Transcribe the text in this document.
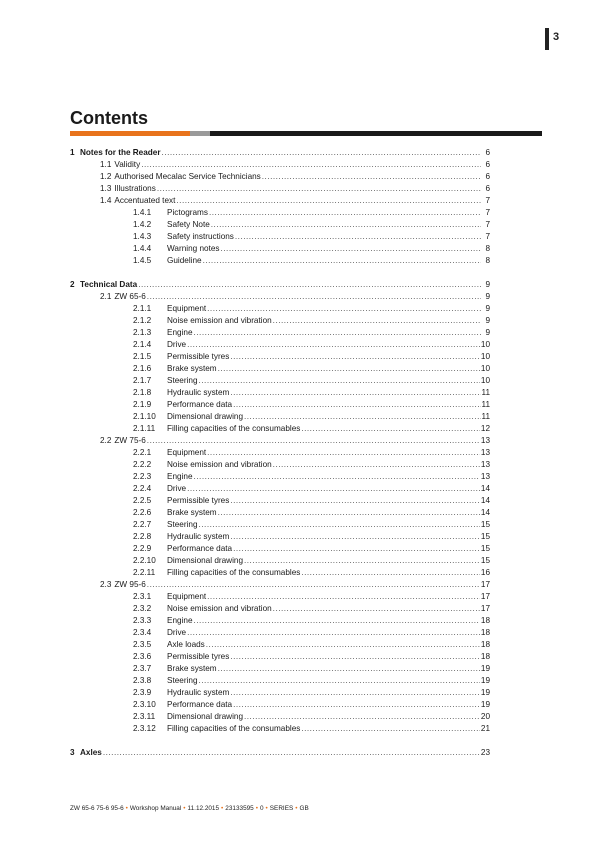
3
Contents
1 Notes for the Reader .....	6
1.1 Validity .....	6
1.2 Authorised Mecalac Service Technicians .....	6
1.3 Illustrations .....	6
1.4 Accentuated text .....	7
1.4.1	Pictograms .....	7
1.4.2	Safety Note .....	7
1.4.3	Safety instructions .....	7
1.4.4	Warning notes .....	8
1.4.5	Guideline .....	8
2 Technical Data .....	9
2.1 ZW 65-6 .....	9
2.1.1	Equipment .....	9
2.1.2	Noise emission and vibration .....	9
2.1.3	Engine .....	9
2.1.4	Drive .....	10
2.1.5	Permissible tyres .....	10
2.1.6	Brake system .....	10
2.1.7	Steering .....	10
2.1.8	Hydraulic system .....	11
2.1.9	Performance data .....	11
2.1.10	Dimensional drawing .....	11
2.1.11	Filling capacities of the consumables .....	12
2.2 ZW 75-6 .....	13
2.2.1	Equipment .....	13
2.2.2	Noise emission and vibration .....	13
2.2.3	Engine .....	13
2.2.4	Drive .....	14
2.2.5	Permissible tyres .....	14
2.2.6	Brake system .....	14
2.2.7	Steering .....	15
2.2.8	Hydraulic system .....	15
2.2.9	Performance data .....	15
2.2.10	Dimensional drawing .....	15
2.2.11	Filling capacities of the consumables .....	16
2.3 ZW 95-6 .....	17
2.3.1	Equipment .....	17
2.3.2	Noise emission and vibration .....	17
2.3.3	Engine .....	18
2.3.4	Drive .....	18
2.3.5	Axle loads .....	18
2.3.6	Permissible tyres .....	18
2.3.7	Brake system .....	19
2.3.8	Steering .....	19
2.3.9	Hydraulic system .....	19
2.3.10	Performance data .....	19
2.3.11	Dimensional drawing .....	20
2.3.12	Filling capacities of the consumables .....	21
3 Axles .....	23
ZW 65-6 75-6 95-6 • Workshop Manual • 11.12.2015 • 23133595 • 0 • SERIES • GB
